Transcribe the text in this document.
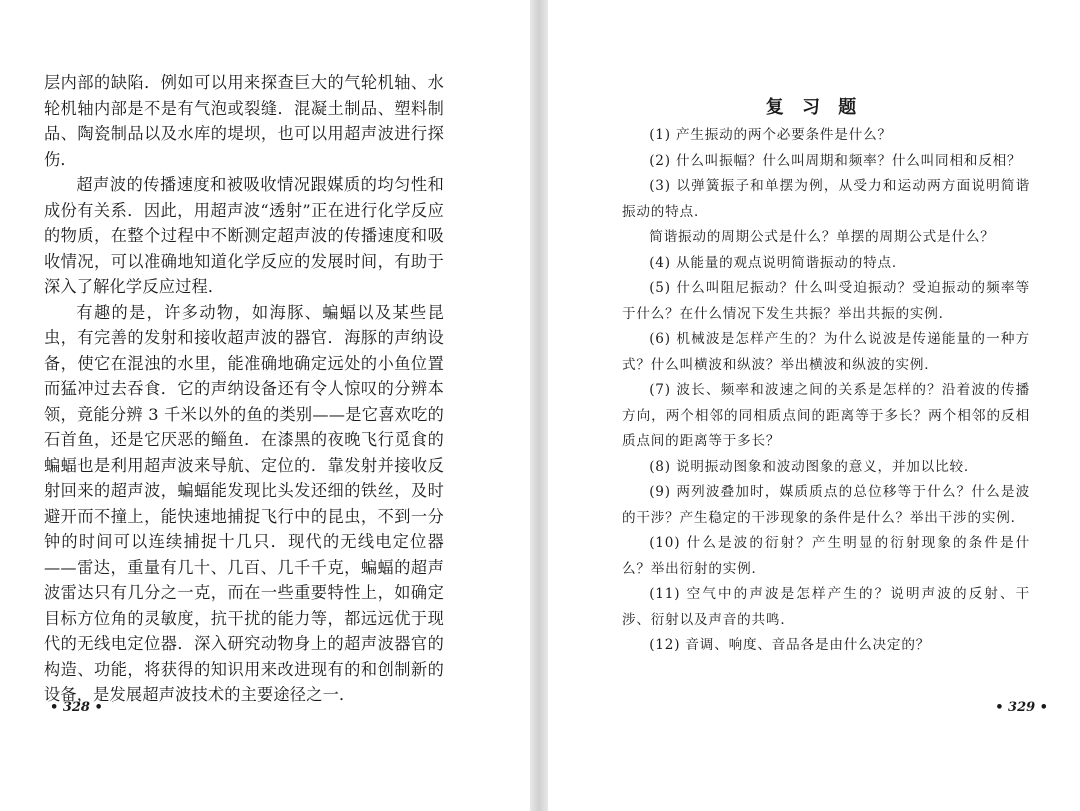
层内部的缺陷．例如可以用来探查巨大的气轮机轴、水轮机轴内部是不是有气泡或裂缝．混凝土制品、塑料制品、陶瓷制品以及水库的堤坝，也可以用超声波进行探伤．

超声波的传播速度和被吸收情况跟媒质的均匀性和成份有关系．因此，用超声波“透射”正在进行化学反应的物质，在整个过程中不断测定超声波的传播速度和吸收情况，可以准确地知道化学反应的发展时间，有助于深入了解化学反应过程．

有趣的是，许多动物，如海豚、蝙蝠以及某些昆虫，有完善的发射和接收超声波的器官．海豚的声纳设备，使它在混浊的水里，能准确地确定远处的小鱼位置而猛冲过去吞食．它的声纳设备还有令人惊叹的分辨本领，竟能分辨 3 千米以外的鱼的类别——是它喜欢吃的石首鱼，还是它厌恶的鲻鱼．在漆黑的夜晚飞行觅食的蝙蝠也是利用超声波来导航、定位的．靠发射并接收反射回来的超声波，蝙蝠能发现比头发还细的铁丝，及时避开而不撞上，能快速地捕捉飞行中的昆虫，不到一分钟的时间可以连续捕捉十几只．现代的无线电定位器——雷达，重量有几十、几百、几千千克，蝙蝠的超声波雷达只有几分之一克，而在一些重要特性上，如确定目标方位角的灵敏度，抗干扰的能力等，都远远优于现代的无线电定位器．深入研究动物身上的超声波器官的构造、功能，将获得的知识用来改进现有的和创制新的设备，是发展超声波技术的主要途径之一．

• 328 •
复 习 题

(1) 产生振动的两个必要条件是什么？

(2) 什么叫振幅？什么叫周期和频率？什么叫同相和反相？

(3) 以弹簧振子和单摆为例，从受力和运动两方面说明简谐振动的特点．

简谐振动的周期公式是什么？单摆的周期公式是什么？

(4) 从能量的观点说明简谐振动的特点．

(5) 什么叫阻尼振动？什么叫受迫振动？受迫振动的频率等于什么？在什么情况下发生共振？举出共振的实例．

(6) 机械波是怎样产生的？为什么说波是传递能量的一种方式？什么叫横波和纵波？举出横波和纵波的实例．

(7) 波长、频率和波速之间的关系是怎样的？沿着波的传播方向，两个相邻的同相质点间的距离等于多长？两个相邻的反相质点间的距离等于多长？

(8) 说明振动图象和波动图象的意义，并加以比较．

(9) 两列波叠加时，媒质质点的总位移等于什么？什么是波的干涉？产生稳定的干涉现象的条件是什么？举出干涉的实例．

(10) 什么是波的衍射？产生明显的衍射现象的条件是什么？举出衍射的实例．

(11) 空气中的声波是怎样产生的？说明声波的反射、干涉、衍射以及声音的共鸣．

(12) 音调、响度、音品各是由什么决定的？

• 329 •
